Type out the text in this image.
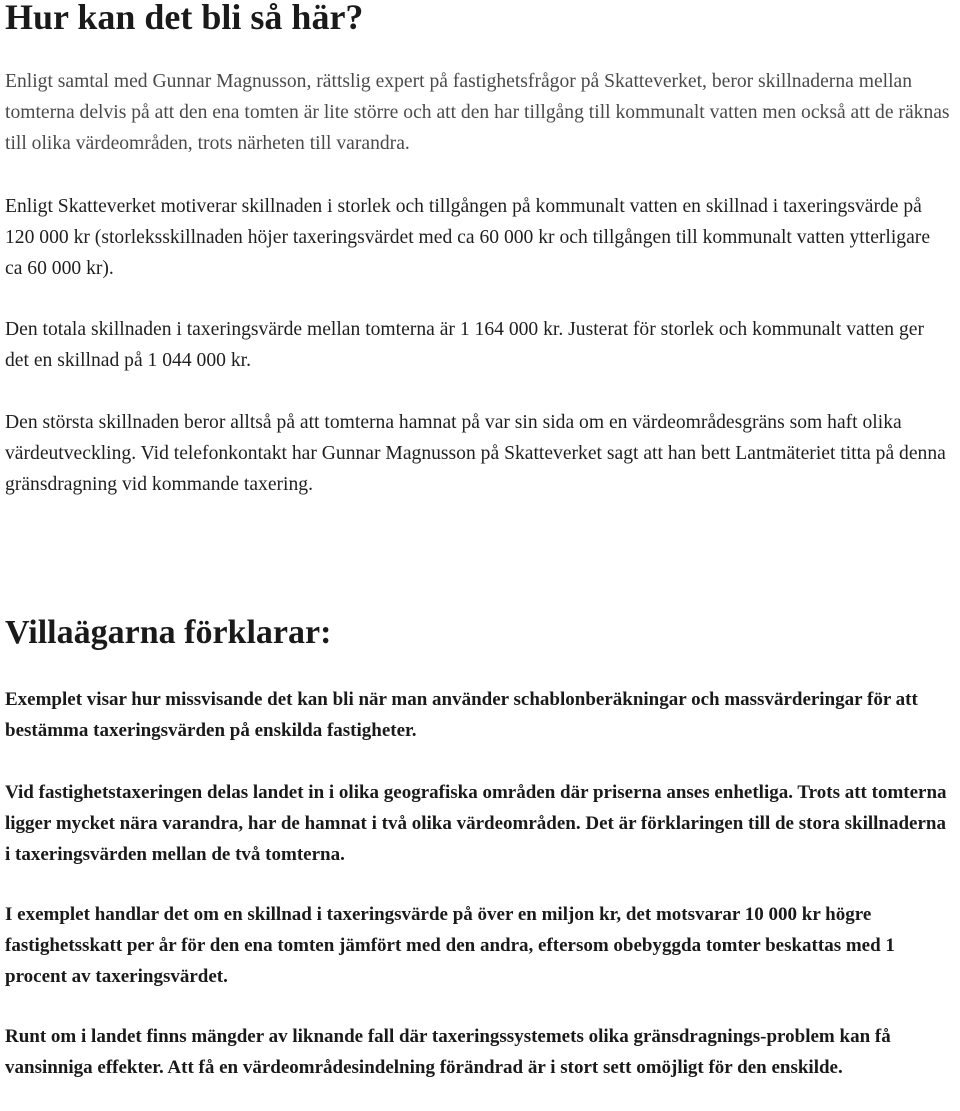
Hur kan det bli så här?

Enligt samtal med Gunnar Magnusson, rättslig expert på fastighetsfrågor på Skatteverket, beror skillnaderna mellan tomterna delvis på att den ena tomten är lite större och att den har tillgång till kommunalt vatten men också att de räknas till olika värdeområden, trots närheten till varandra.

Enligt Skatteverket motiverar skillnaden i storlek och tillgången på kommunalt vatten en skillnad i taxeringsvärde på 120 000 kr (storleksskillnaden höjer taxeringsvärdet med ca 60 000 kr och tillgången till kommunalt vatten ytterligare ca 60 000 kr).

Den totala skillnaden i taxeringsvärde mellan tomterna är 1 164 000 kr. Justerat för storlek och kommunalt vatten ger det en skillnad på 1 044 000 kr.

Den största skillnaden beror alltså på att tomterna hamnat på var sin sida om en värdeområdesgräns som haft olika värdeutveckling. Vid telefonkontakt har Gunnar Magnusson på Skatteverket sagt att han bett Lantmäteriet titta på denna gränsdragning vid kommande taxering.

Villaägarna förklarar:

Exemplet visar hur missvisande det kan bli när man använder schablonberäkningar och massvärderingar för att bestämma taxeringsvärden på enskilda fastigheter.

Vid fastighetstaxeringen delas landet in i olika geografiska områden där priserna anses enhetliga. Trots att tomterna ligger mycket nära varandra, har de hamnat i två olika värdeområden. Det är förklaringen till de stora skillnaderna i taxeringsvärden mellan de två tomterna.

I exemplet handlar det om en skillnad i taxeringsvärde på över en miljon kr, det motsvarar 10 000 kr högre fastighetsskatt per år för den ena tomten jämfört med den andra, eftersom obebyggda tomter beskattas med 1 procent av taxeringsvärdet.

Runt om i landet finns mängder av liknande fall där taxeringssystemets olika gränsdragnings-problem kan få vansinniga effekter. Att få en värdeområdesindelning förändrad är i stort sett omöjligt för den enskilde.
